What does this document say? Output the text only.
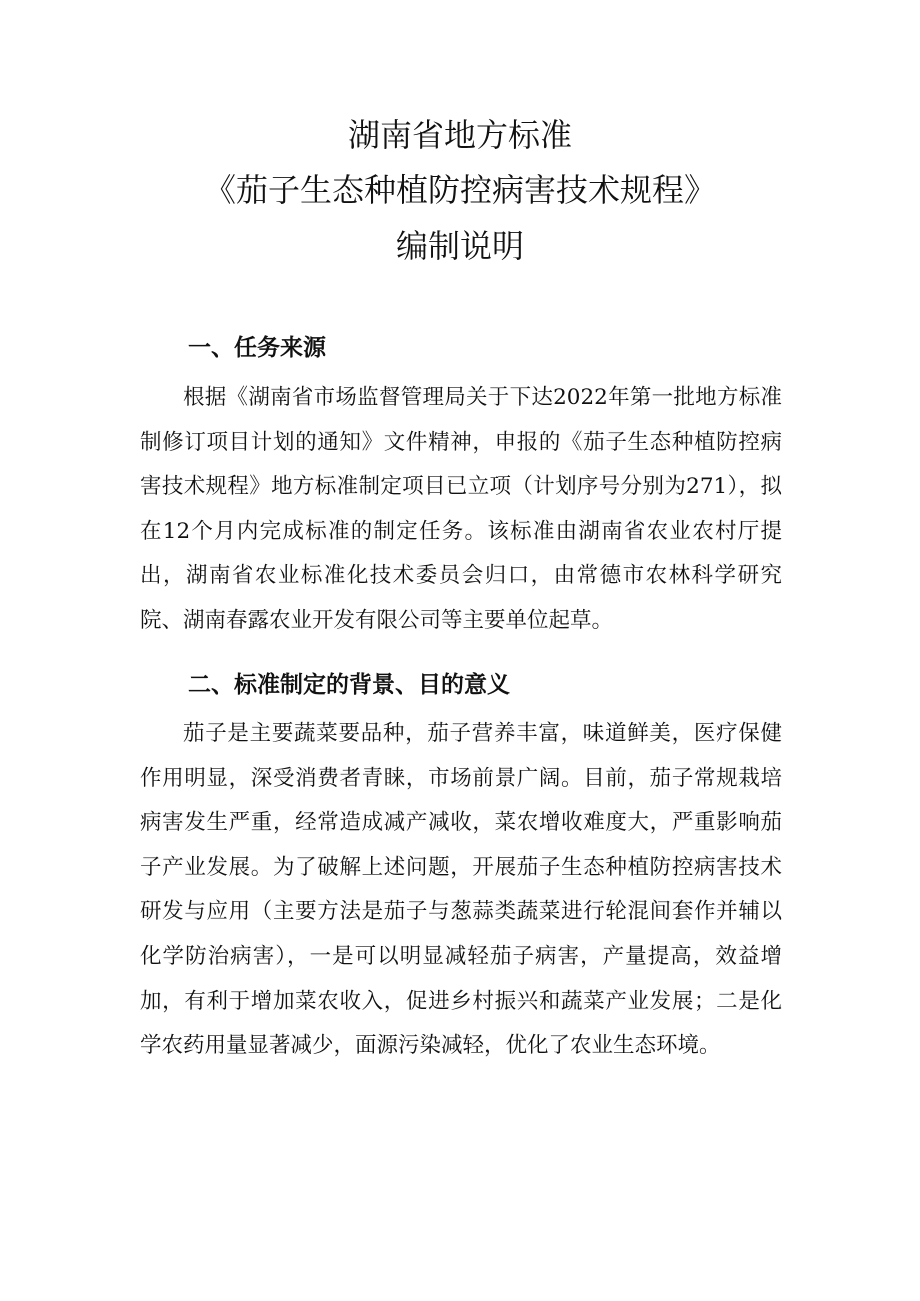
湖南省地方标准
《茄子生态种植防控病害技术规程》
编制说明
一、任务来源

根据《湖南省市场监督管理局关于下达2022年第一批地方标准制修订项目计划的通知》文件精神，申报的《茄子生态种植防控病害技术规程》地方标准制定项目已立项（计划序号分别为271），拟在12个月内完成标准的制定任务。该标准由湖南省农业农村厅提出，湖南省农业标准化技术委员会归口，由常德市农林科学研究院、湖南春露农业开发有限公司等主要单位起草。

二、标准制定的背景、目的意义

茄子是主要蔬菜要品种，茄子营养丰富，味道鲜美，医疗保健作用明显，深受消费者青睐，市场前景广阔。目前，茄子常规栽培病害发生严重，经常造成减产减收，菜农增收难度大，严重影响茄子产业发展。为了破解上述问题，开展茄子生态种植防控病害技术研发与应用（主要方法是茄子与葱蒜类蔬菜进行轮混间套作并辅以化学防治病害），一是可以明显减轻茄子病害，产量提高，效益增加，有利于增加菜农收入，促进乡村振兴和蔬菜产业发展；二是化学农药用量显著减少，面源污染减轻，优化了农业生态环境。
